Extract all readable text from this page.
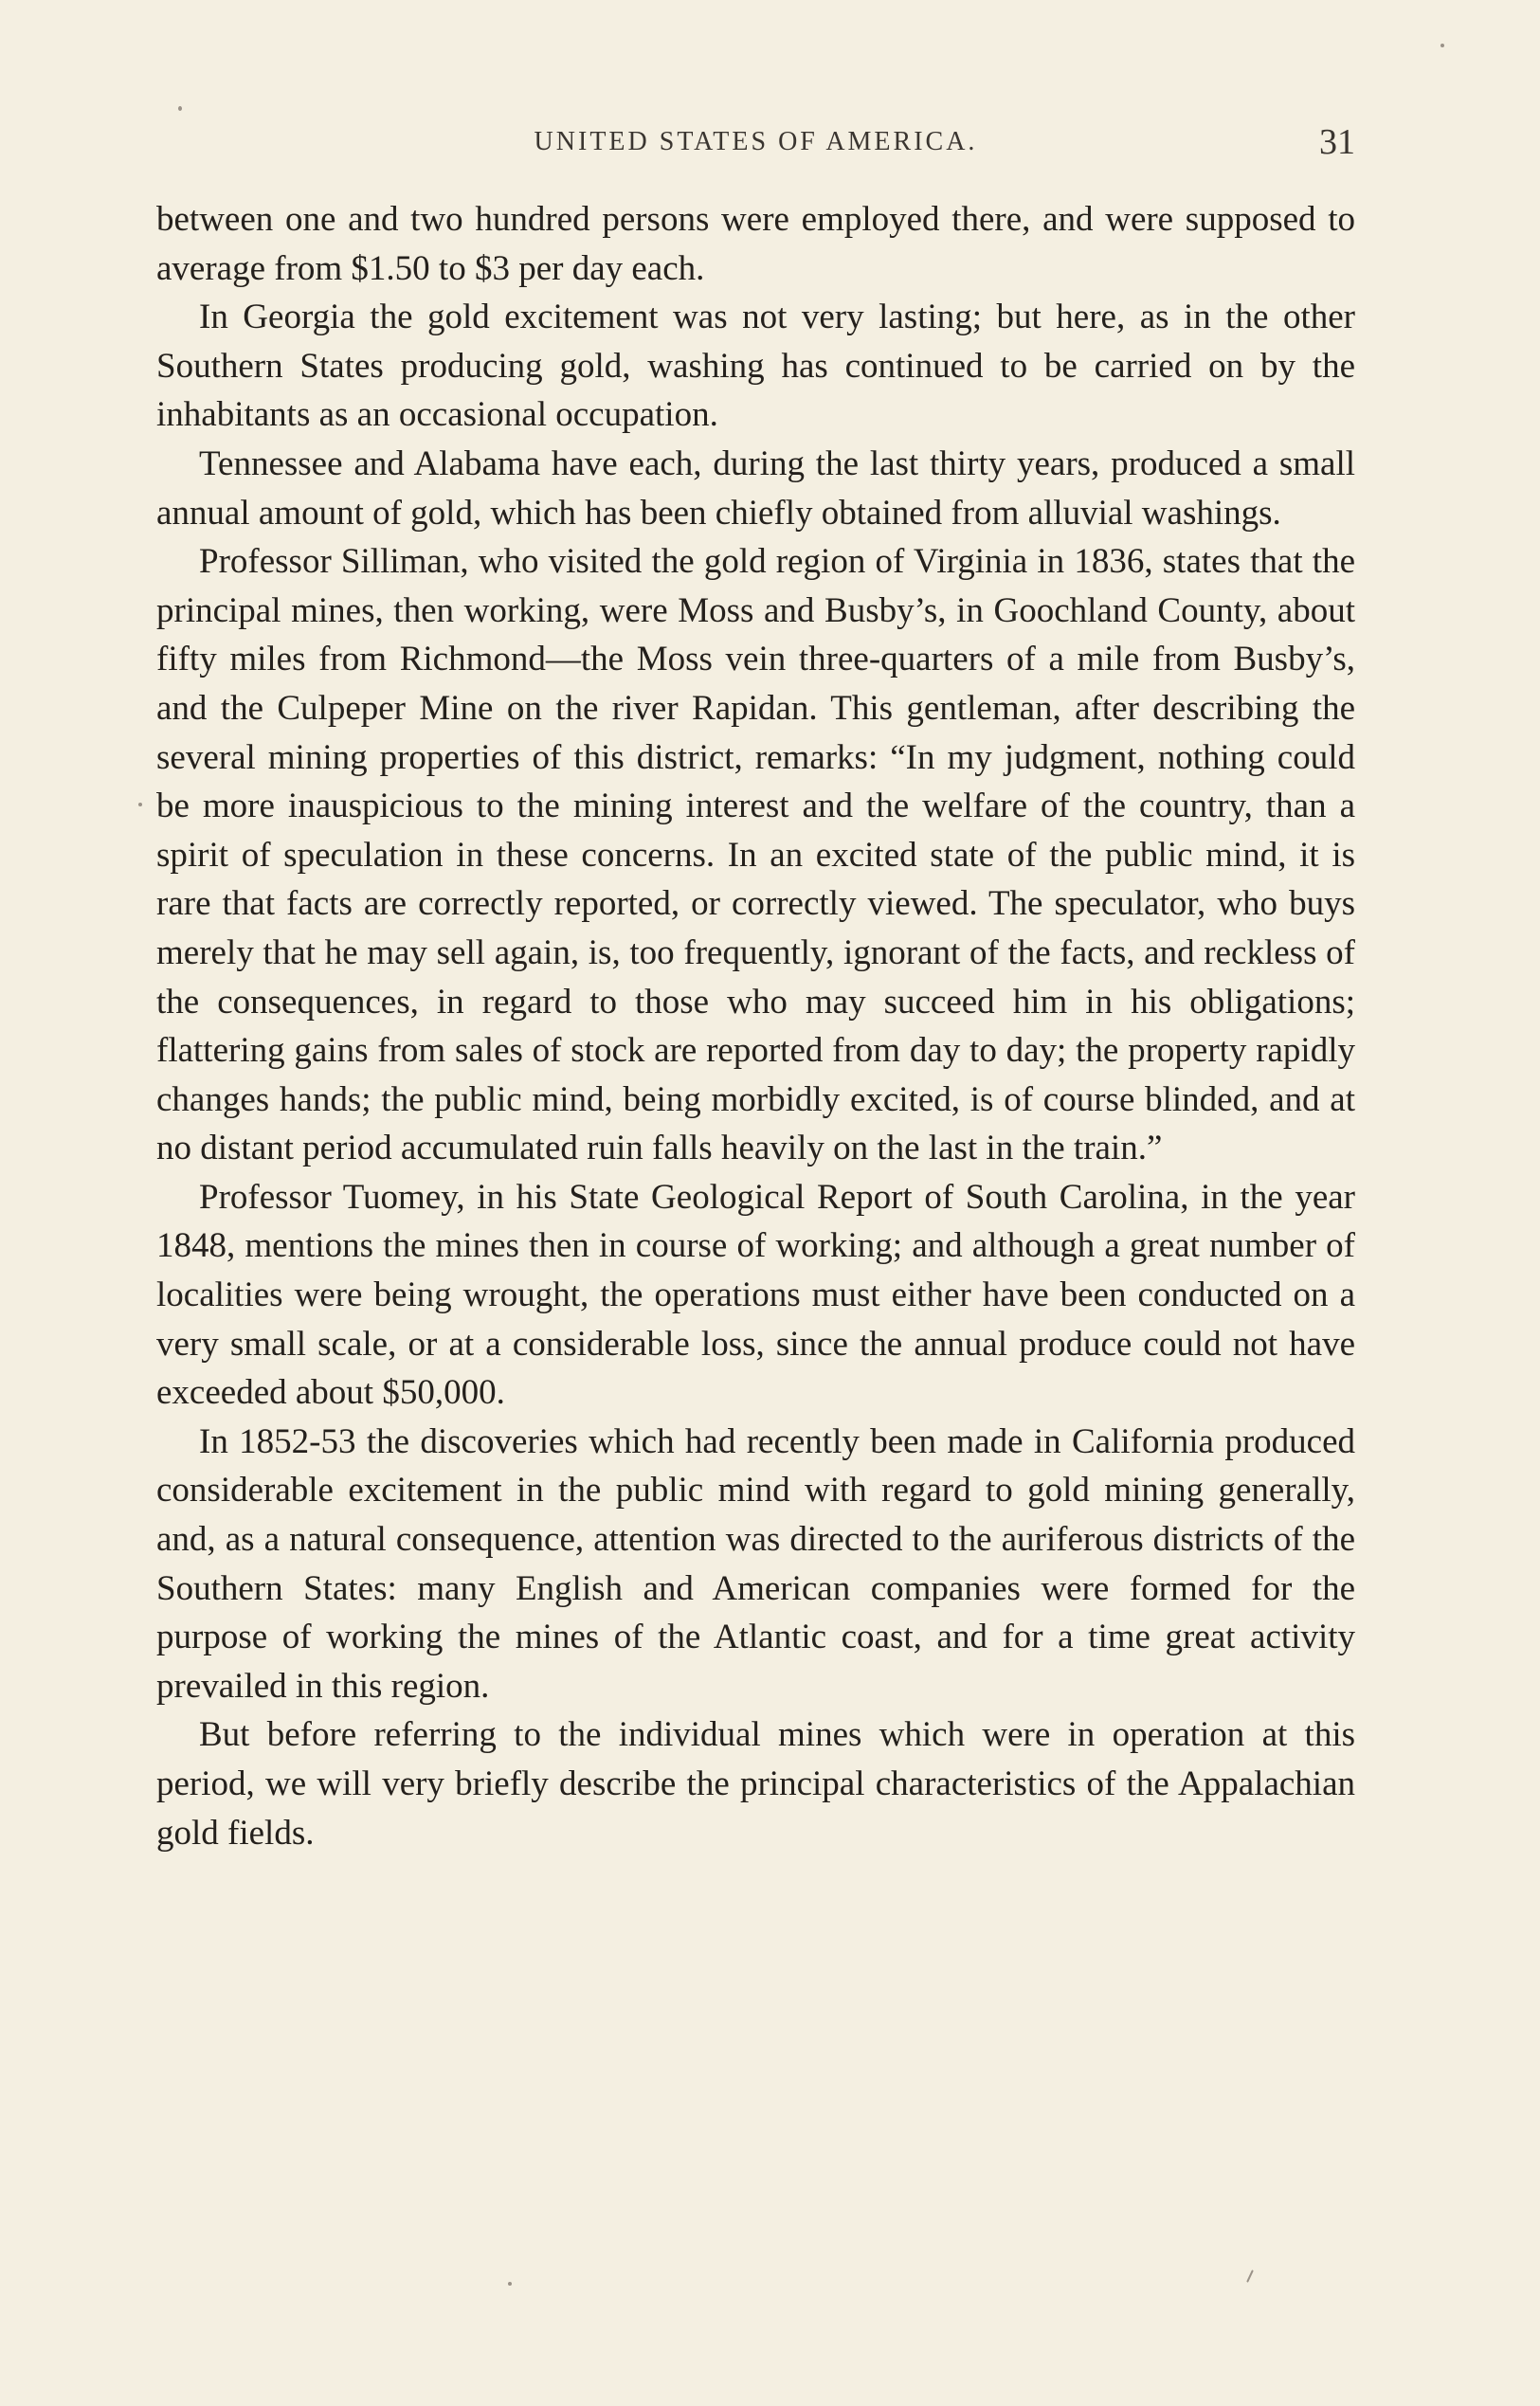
UNITED STATES OF AMERICA.	31

between one and two hundred persons were employed there, and were supposed to average from $1.50 to $3 per day each.

In Georgia the gold excitement was not very lasting; but here, as in the other Southern States producing gold, washing has continued to be carried on by the inhabitants as an occasional occupation.

Tennessee and Alabama have each, during the last thirty years, produced a small annual amount of gold, which has been chiefly obtained from alluvial washings.

Professor Silliman, who visited the gold region of Virginia in 1836, states that the principal mines, then working, were Moss and Busby’s, in Goochland County, about fifty miles from Richmond—the Moss vein three-quarters of a mile from Busby’s, and the Culpeper Mine on the river Rapidan. This gentleman, after describing the several mining properties of this district, remarks: “In my judgment, nothing could be more inauspicious to the mining interest and the welfare of the country, than a spirit of speculation in these concerns. In an excited state of the public mind, it is rare that facts are correctly reported, or correctly viewed. The speculator, who buys merely that he may sell again, is, too frequently, ignorant of the facts, and reckless of the consequences, in regard to those who may succeed him in his obligations; flattering gains from sales of stock are reported from day to day; the property rapidly changes hands; the public mind, being morbidly excited, is of course blinded, and at no distant period accumulated ruin falls heavily on the last in the train.”

Professor Tuomey, in his State Geological Report of South Carolina, in the year 1848, mentions the mines then in course of working; and although a great number of localities were being wrought, the operations must either have been conducted on a very small scale, or at a considerable loss, since the annual produce could not have exceeded about $50,000.

In 1852-53 the discoveries which had recently been made in California produced considerable excitement in the public mind with regard to gold mining generally, and, as a natural consequence, attention was directed to the auriferous districts of the Southern States: many English and American companies were formed for the purpose of working the mines of the Atlantic coast, and for a time great activity prevailed in this region.

But before referring to the individual mines which were in operation at this period, we will very briefly describe the principal characteristics of the Appalachian gold fields.
